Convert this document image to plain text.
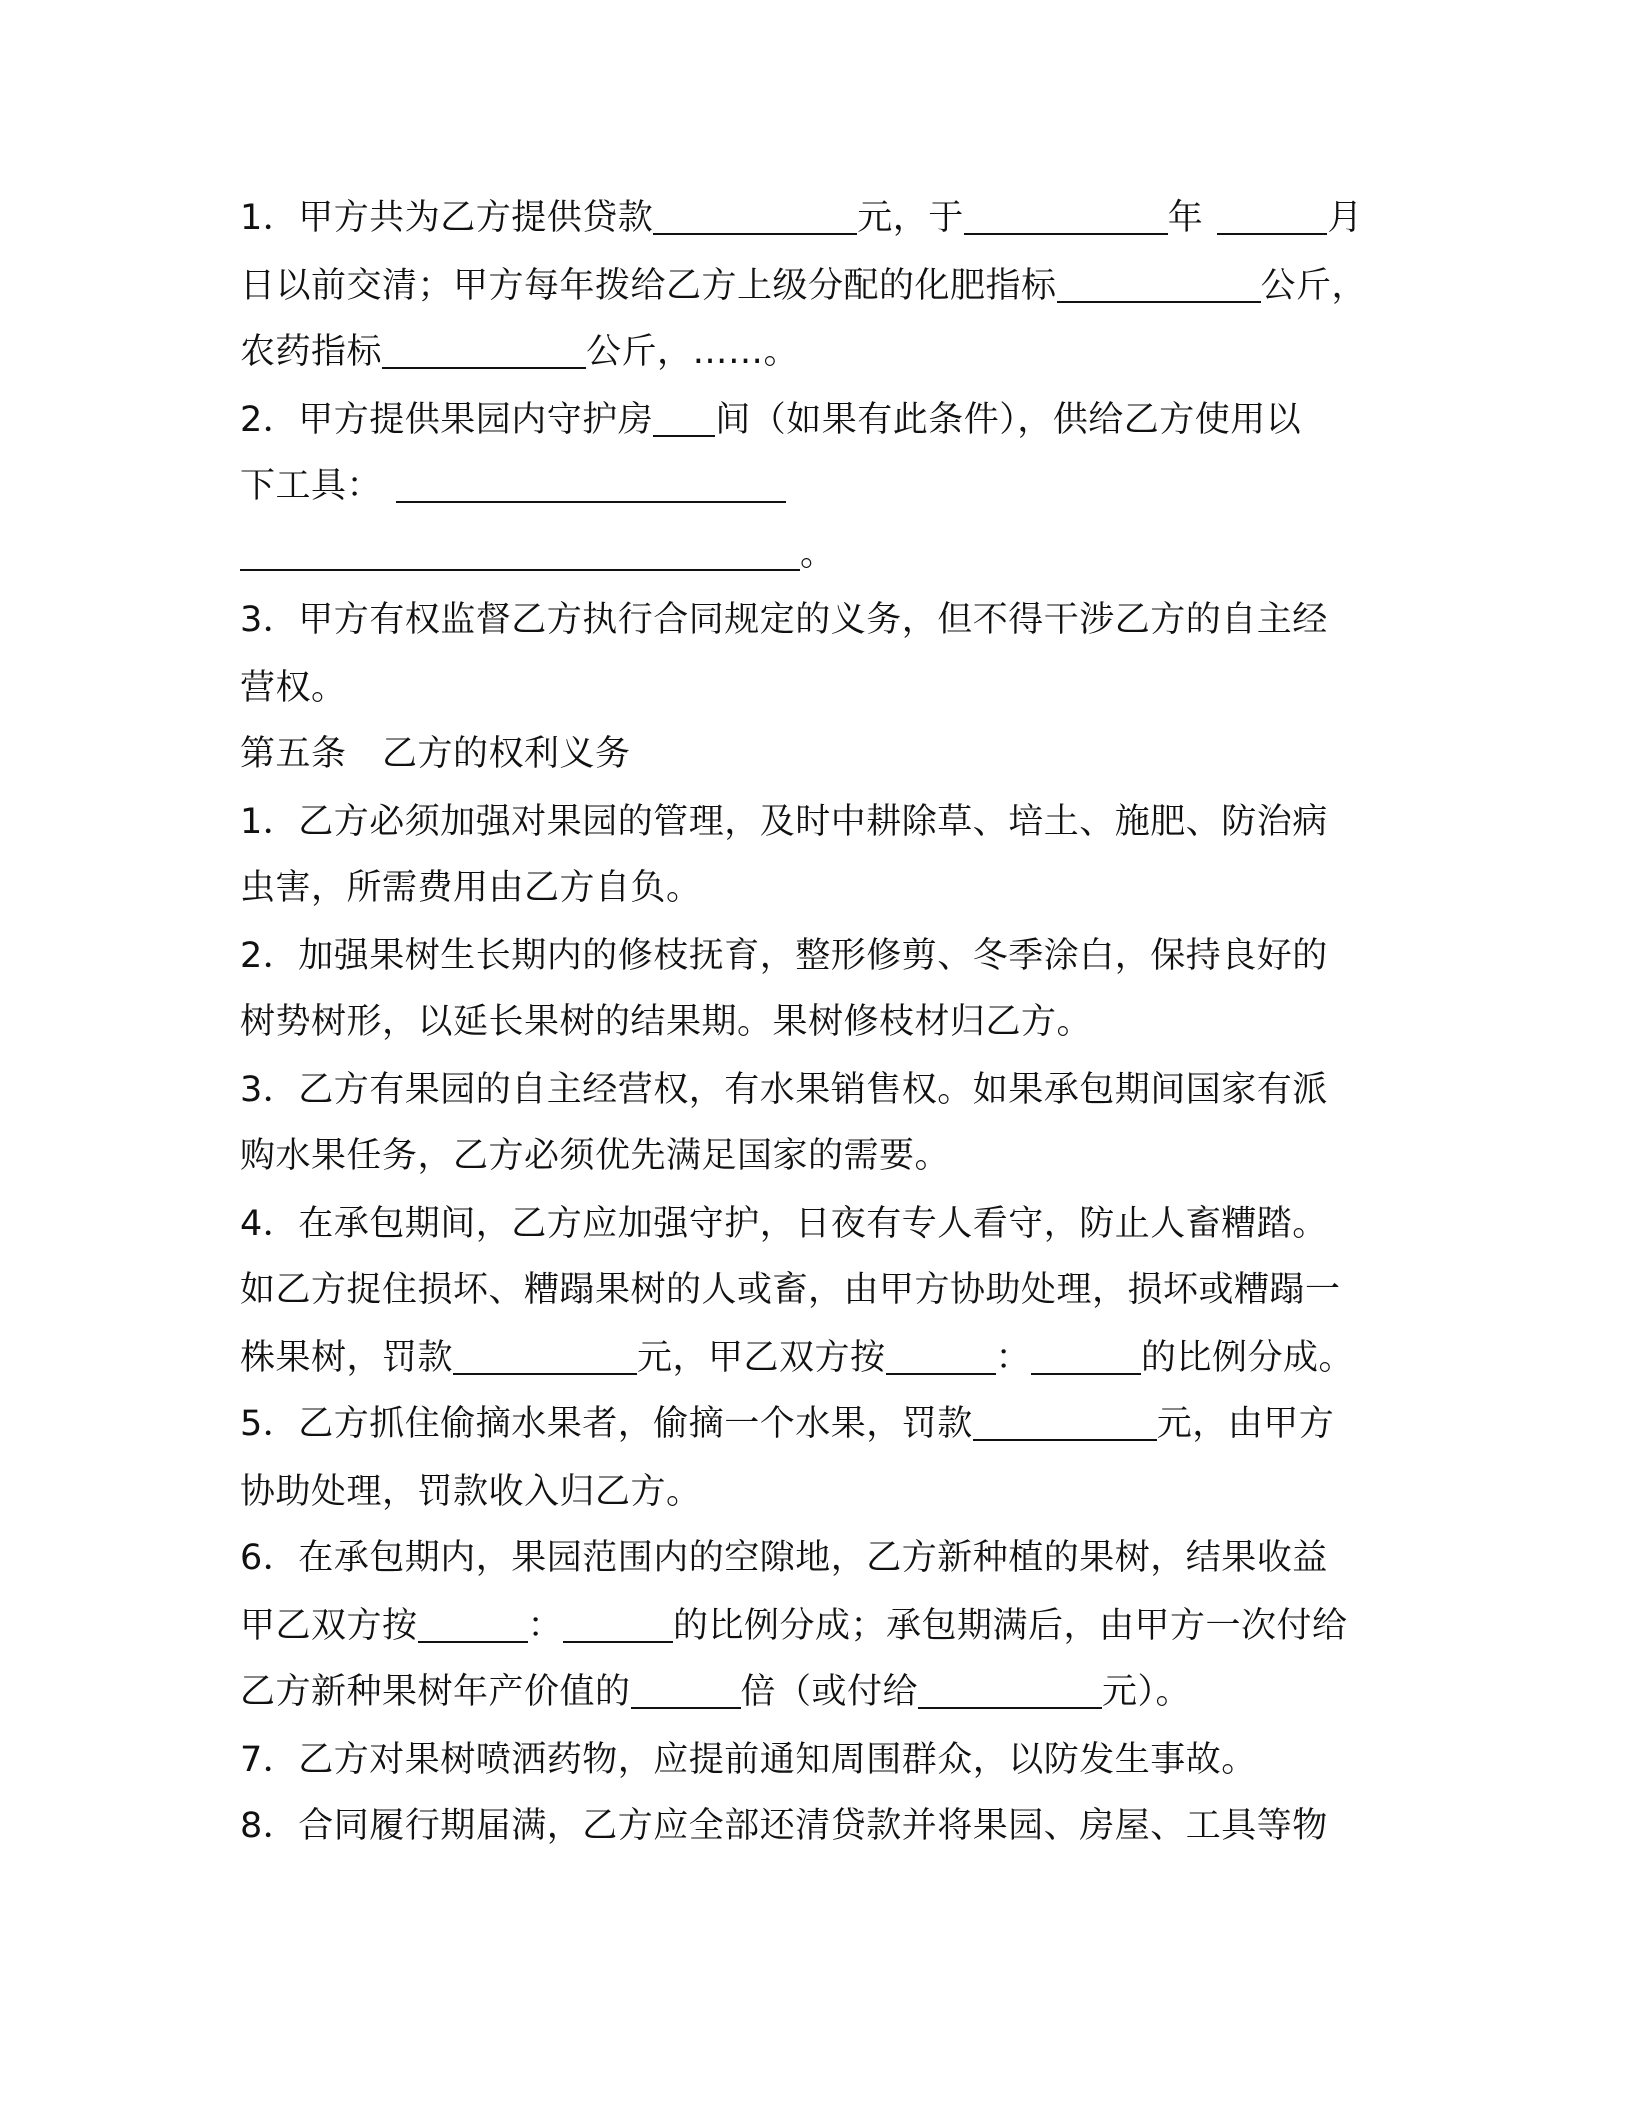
1．甲方共为乙方提供贷款	元，于	年	月
日以前交清；甲方每年拨给乙方上级分配的化肥指标	公斤，
农药指标	公斤，……。
2．甲方提供果园内守护房 间（如果有此条件），供给乙方使用以
下工具：
。
3．甲方有权监督乙方执行合同规定的义务，但不得干涉乙方的自主经
营权。
第五条　乙方的权利义务
1．乙方必须加强对果园的管理，及时中耕除草、培土、施肥、防治病
虫害，所需费用由乙方自负。
2．加强果树生长期内的修枝抚育，整形修剪、冬季涂白，保持良好的
树势树形，以延长果树的结果期。果树修枝材归乙方。
3．乙方有果园的自主经营权，有水果销售权。如果承包期间国家有派
购水果任务，乙方必须优先满足国家的需要。
4．在承包期间，乙方应加强守护，日夜有专人看守，防止人畜糟踏。
如乙方捉住损坏、糟蹋果树的人或畜，由甲方协助处理，损坏或糟蹋一
株果树，罚款	元，甲乙双方按	：	的比例分成。
5．乙方抓住偷摘水果者，偷摘一个水果，罚款	元，由甲方
协助处理，罚款收入归乙方。
6．在承包期内，果园范围内的空隙地，乙方新种植的果树，结果收益
甲乙双方按	：	的比例分成；承包期满后，由甲方一次付给
乙方新种果树年产价值的	倍（或付给	元）。
7．乙方对果树喷洒药物，应提前通知周围群众，以防发生事故。
8．合同履行期届满，乙方应全部还清贷款并将果园、房屋、工具等物
